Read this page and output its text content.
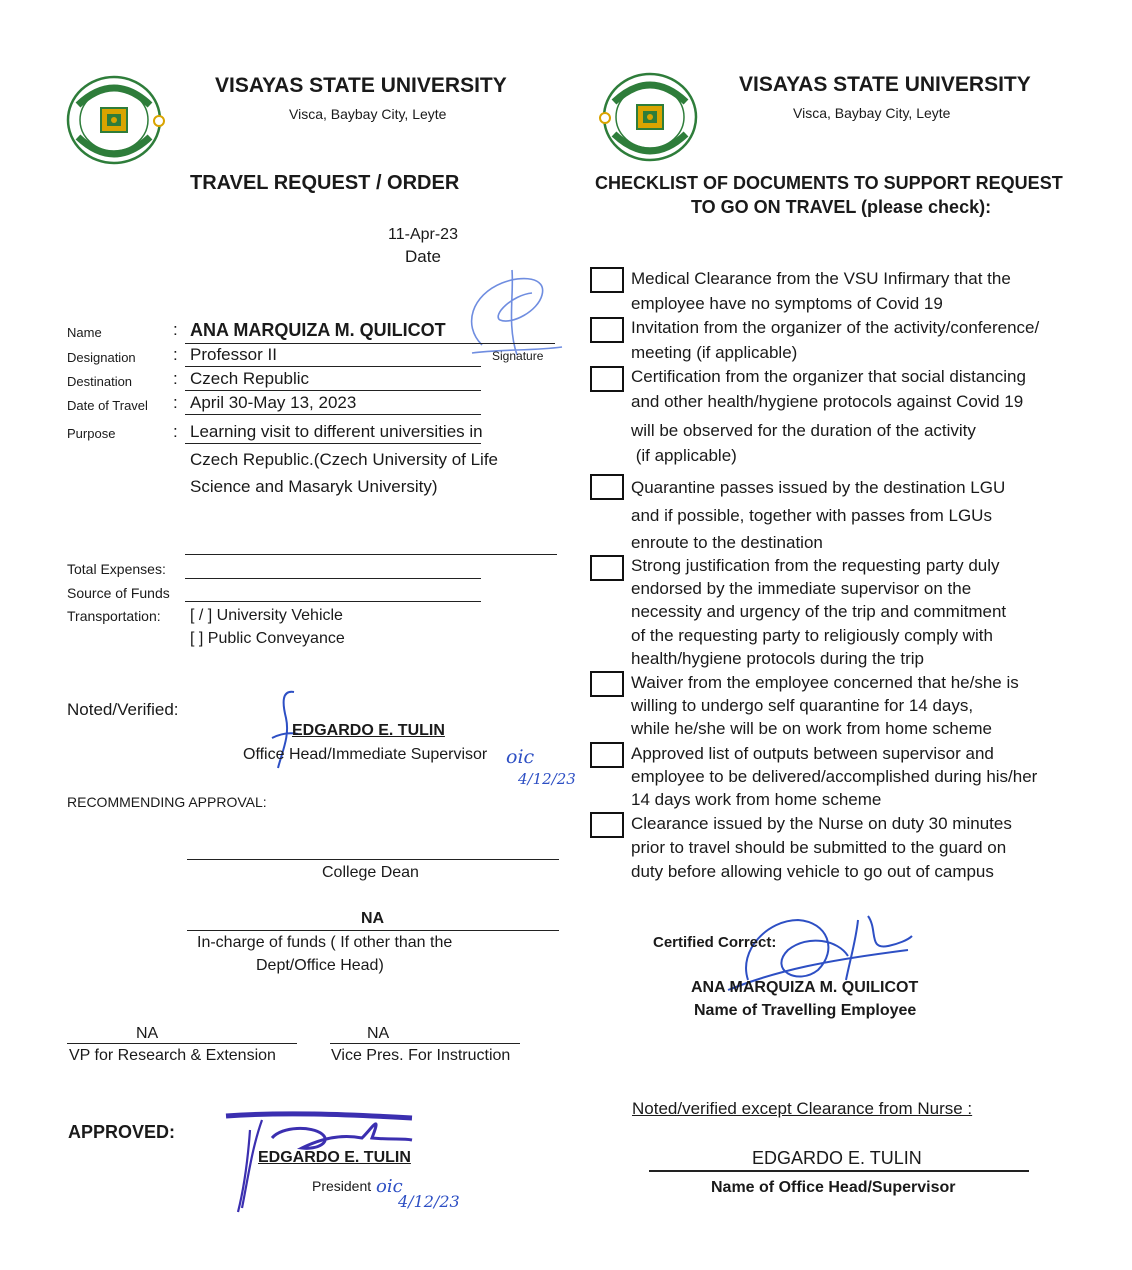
VISAYAS STATE UNIVERSITY
Visca, Baybay City, Leyte
TRAVEL REQUEST / ORDER
11-Apr-23
Date
Name	: ANA MARQUIZA M. QUILICOT
Signature
Designation : Professor II
Destination : Czech Republic
Date of Travel : April 30-May 13, 2023
Purpose	: Learning visit to different universities in
Czech Republic.(Czech University of Life
Science and Masaryk University)
Total Expenses:
Source of Funds
Transportation: [ / ] University Vehicle
[ ] Public Conveyance
Noted/Verified:
EDGARDO E. TULIN
Office Head/Immediate Supervisor oic
4/12/23
RECOMMENDING APPROVAL:
College Dean
NA
In-charge of funds ( If other than the
Dept/Office Head)
NA
VP for Research & Extension
NA
Vice Pres. For Instruction
APPROVED:
EDGARDO E. TULIN
President oic
4/12/23
VISAYAS STATE UNIVERSITY
Visca, Baybay City, Leyte
CHECKLIST OF DOCUMENTS TO SUPPORT REQUEST
TO GO ON TRAVEL (please check):
Medical Clearance from the VSU Infirmary that the
employee have no symptoms of Covid 19
Invitation from the organizer of the activity/conference/
meeting (if applicable)
Certification from the organizer that social distancing
and other health/hygiene protocols against Covid 19
will be observed for the duration of the activity
(if applicable)
Quarantine passes issued by the destination LGU
and if possible, together with passes from LGUs
enroute to the destination
Strong justification from the requesting party duly
endorsed by the immediate supervisor on the
necessity and urgency of the trip and commitment
of the requesting party to religiously comply with
health/hygiene protocols during the trip
Waiver from the employee concerned that he/she is
willing to undergo self quarantine for 14 days,
while he/she will be on work from home scheme
Approved list of outputs between supervisor and
employee to be delivered/accomplished during his/her
14 days work from home scheme
Clearance issued by the Nurse on duty 30 minutes
prior to travel should be submitted to the guard on
duty before allowing vehicle to go out of campus
Certified Correct:
ANA MARQUIZA M. QUILICOT
Name of Travelling Employee
Noted/verified except Clearance from Nurse :
EDGARDO E. TULIN
Name of Office Head/Supervisor
